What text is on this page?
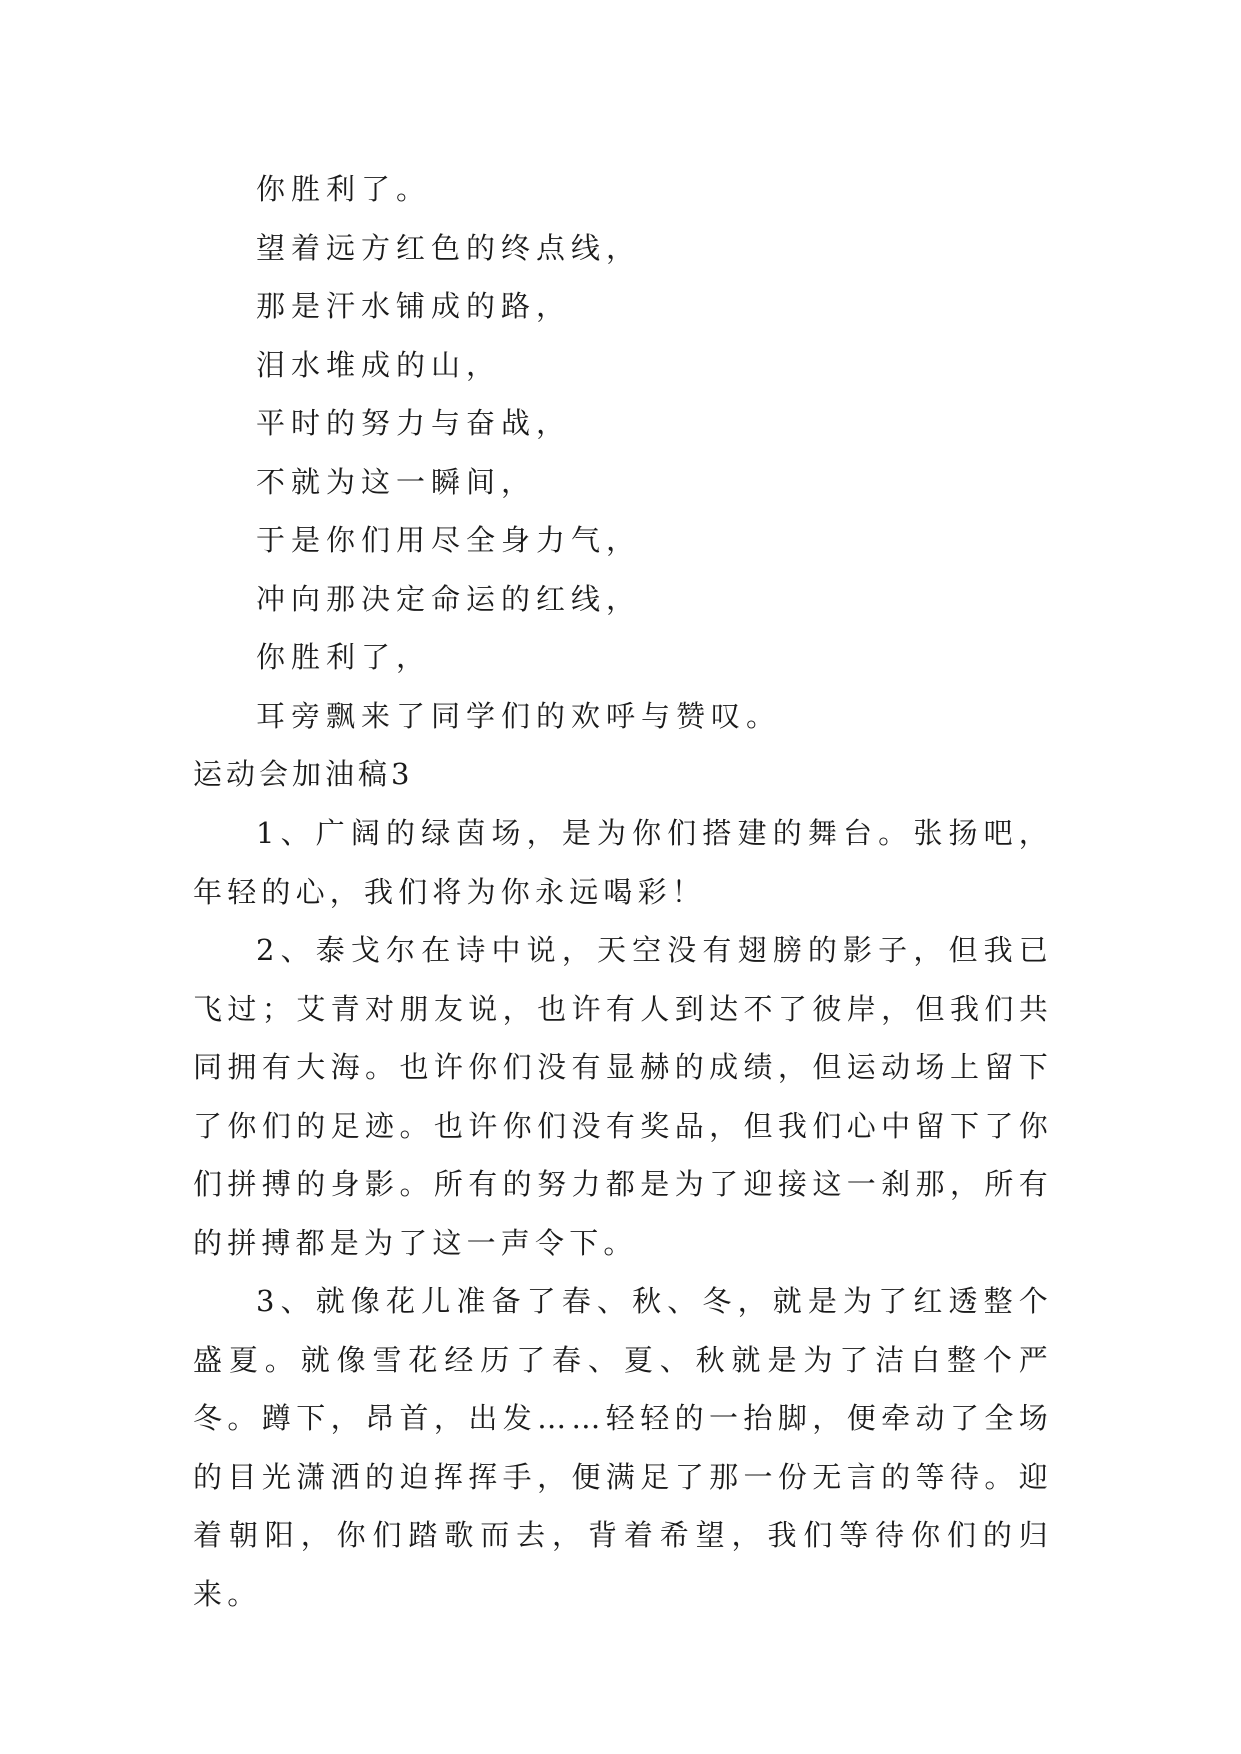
你胜利了。
望着远方红色的终点线，
那是汗水铺成的路，
泪水堆成的山，
平时的努力与奋战，
不就为这一瞬间，
于是你们用尽全身力气，
冲向那决定命运的红线，
你胜利了，
耳旁飘来了同学们的欢呼与赞叹。
运动会加油稿3

1、广阔的绿茵场，是为你们搭建的舞台。张扬吧，年轻的心，我们将为你永远喝彩！

2、泰戈尔在诗中说，天空没有翅膀的影子，但我已飞过；艾青对朋友说，也许有人到达不了彼岸，但我们共同拥有大海。也许你们没有显赫的成绩，但运动场上留下了你们的足迹。也许你们没有奖品，但我们心中留下了你们拼搏的身影。所有的努力都是为了迎接这一刹那，所有的拼搏都是为了这一声令下。

3、就像花儿准备了春、秋、冬，就是为了红透整个盛夏。就像雪花经历了春、夏、秋就是为了洁白整个严冬。蹲下，昂首，出发……轻轻的一抬脚，便牵动了全场的目光潇洒的迫挥挥手，便满足了那一份无言的等待。迎着朝阳，你们踏歌而去，背着希望，我们等待你们的归来。
